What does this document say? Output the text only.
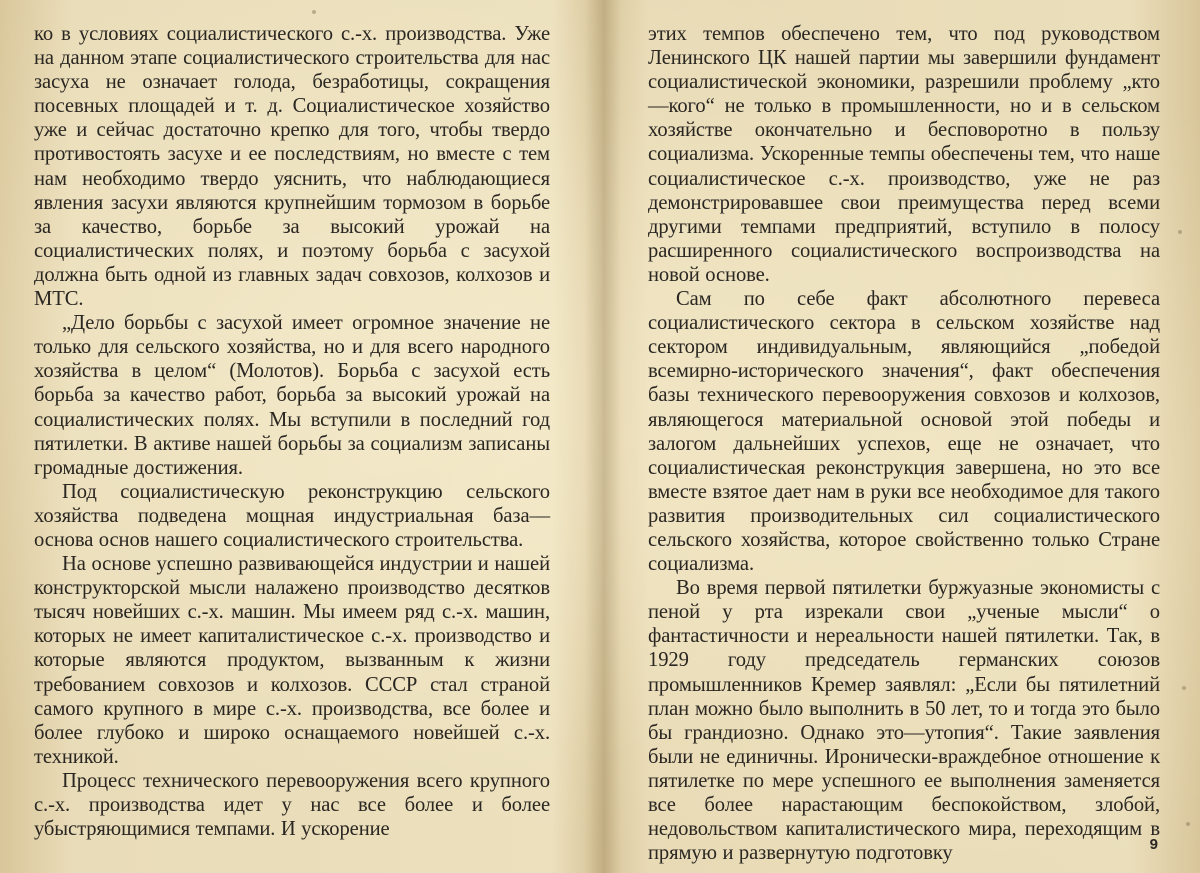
ко в условиях социалистического с.-х. производства. Уже на данном этапе социалистического строительства для нас засуха не означает голода, безработицы, сокращения посевных площадей и т. д. Социалистическое хозяйство уже и сейчас достаточно крепко для того, чтобы твердо противостоять засухе и ее последствиям, но вместе с тем нам необходимо твердо уяснить, что наблюдающиеся явления засухи являются крупнейшим тормозом в борьбе за качество, борьбе за высокий урожай на социалистических полях, и поэтому борьба с засухой должна быть одной из главных задач совхозов, колхозов и МТС.

„Дело борьбы с засухой имеет огромное значение не только для сельского хозяйства, но и для всего народного хозяйства в целом“ (Молотов). Борьба с засухой есть борьба за качество работ, борьба за высокий урожай на социалистических полях. Мы вступили в последний год пятилетки. В активе нашей борьбы за социализм записаны громадные достижения.

Под социалистическую реконструкцию сельского хозяйства подведена мощная индустриальная база—основа основ нашего социалистического строительства.

На основе успешно развивающейся индустрии и нашей конструкторской мысли налажено производство десятков тысяч новейших с.-х. машин. Мы имеем ряд с.-х. машин, которых не имеет капиталистическое с.-х. производство и которые являются продуктом, вызванным к жизни требованием совхозов и колхозов. СССР стал страной самого крупного в мире с.-х. производства, все более и более глубоко и широко оснащаемого новейшей с.-х. техникой.

Процесс технического перевооружения всего крупного с.-х. производства идет у нас все более и более убыстряющимися темпами. И ускорение

этих темпов обеспечено тем, что под руководством Ленинского ЦК нашей партии мы завершили фундамент социалистической экономики, разрешили проблему „кто—кого“ не только в промышленности, но и в сельском хозяйстве окончательно и бесповоротно в пользу социализма. Ускоренные темпы обеспечены тем, что наше социалистическое с.-х. производство, уже не раз демонстрировавшее свои преимущества перед всеми другими темпами предприятий, вступило в полосу расширенного социалистического воспроизводства на новой основе.

Сам по себе факт абсолютного перевеса социалистического сектора в сельском хозяйстве над сектором индивидуальным, являющийся „победой всемирно-исторического значения“, факт обеспечения базы технического перевооружения совхозов и колхозов, являющегося материальной основой этой победы и залогом дальнейших успехов, еще не означает, что социалистическая реконструкция завершена, но это все вместе взятое дает нам в руки все необходимое для такого развития производительных сил социалистического сельского хозяйства, которое свойственно только Стране социализма.

Во время первой пятилетки буржуазные экономисты с пеной у рта изрекали свои „ученые мысли“ о фантастичности и нереальности нашей пятилетки. Так, в 1929 году председатель германских союзов промышленников Кремер заявлял: „Если бы пятилетний план можно было выполнить в 50 лет, то и тогда это было бы грандиозно. Однако это—утопия“. Такие заявления были не единичны. Иронически-враждебное отношение к пятилетке по мере успешного ее выполнения заменяется все более нарастающим беспокойством, злобой, недовольством капиталистического мира, переходящим в прямую и развернутую подготовку	9
